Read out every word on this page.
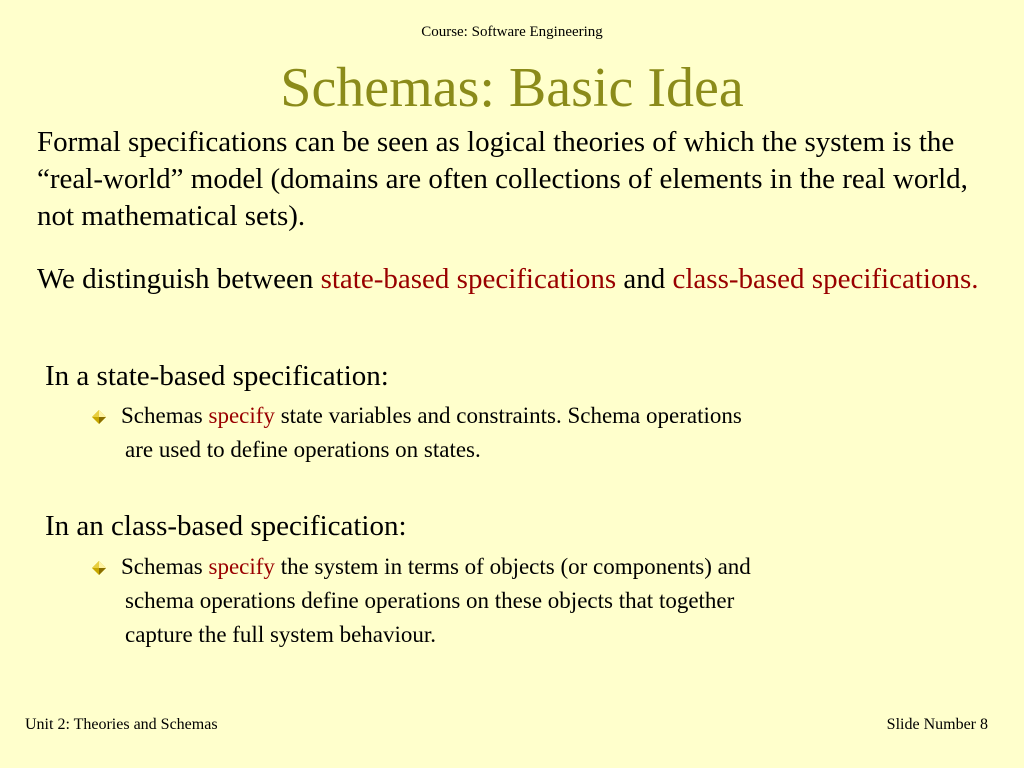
Course: Software Engineering
Schemas: Basic Idea
Formal specifications can be seen as logical theories of which the system is the “real-world” model (domains are often collections of elements in the real world, not mathematical sets).
We distinguish between state-based specifications and class-based specifications.
In a state-based specification:
Schemas specify state variables and constraints. Schema operations
are used to define operations on states.
In an class-based specification:
Schemas specify the system in terms of objects (or components) and
schema operations define operations on these objects that together
capture the full system behaviour.
Unit 2: Theories and Schemas	Slide Number 8
